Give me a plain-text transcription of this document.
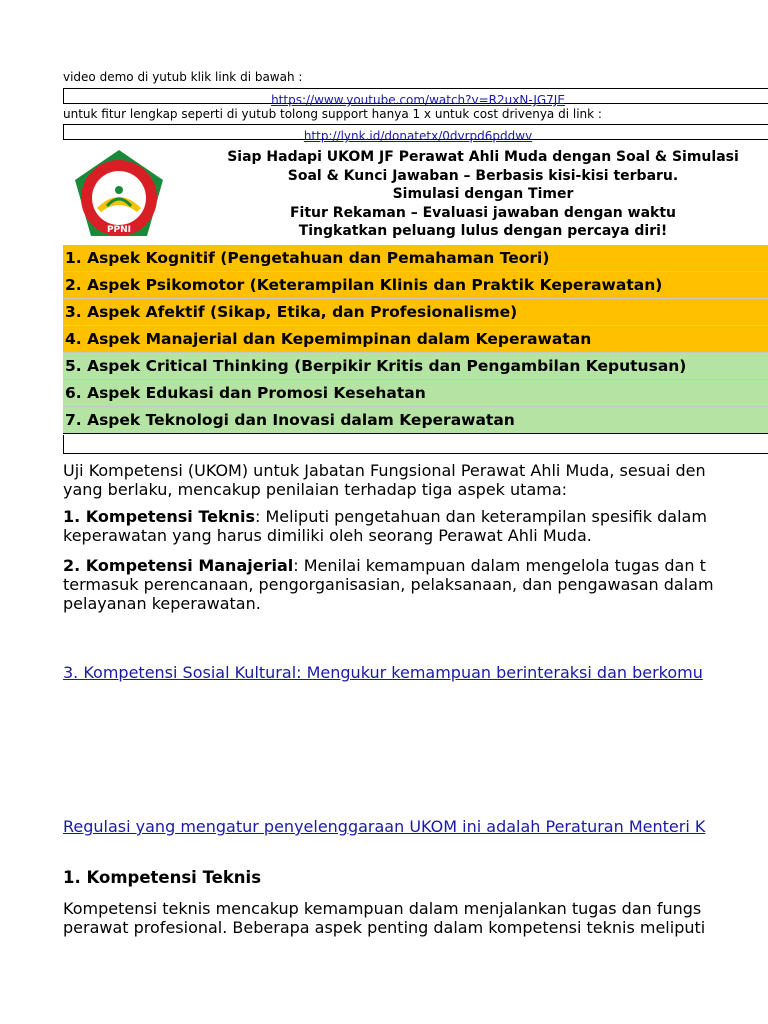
video demo di yutub klik link di bawah :
https://www.youtube.com/watch?v=R2uxN-JG7JE
untuk fitur lengkap seperti di yutub tolong support hanya 1 x untuk cost drivenya di link :
http://lynk.id/donatetx/0dvrpd6pddwv
PPNI
Siap Hadapi UKOM JF Perawat Ahli Muda dengan Soal & Simulasi
Soal & Kunci Jawaban – Berbasis kisi-kisi terbaru.
Simulasi dengan Timer
Fitur Rekaman – Evaluasi jawaban dengan waktu
Tingkatkan peluang lulus dengan percaya diri!
1. Aspek Kognitif (Pengetahuan dan Pemahaman Teori)
2. Aspek Psikomotor (Keterampilan Klinis dan Praktik Keperawatan)
3. Aspek Afektif (Sikap, Etika, dan Profesionalisme)
4. Aspek Manajerial dan Kepemimpinan dalam Keperawatan
5. Aspek Critical Thinking (Berpikir Kritis dan Pengambilan Keputusan)
6. Aspek Edukasi dan Promosi Kesehatan
7. Aspek Teknologi dan Inovasi dalam Keperawatan
Uji Kompetensi (UKOM) untuk Jabatan Fungsional Perawat Ahli Muda, sesuai den
yang berlaku, mencakup penilaian terhadap tiga aspek utama:
1. Kompetensi Teknis: Meliputi pengetahuan dan keterampilan spesifik dalam
keperawatan yang harus dimiliki oleh seorang Perawat Ahli Muda.
2. Kompetensi Manajerial: Menilai kemampuan dalam mengelola tugas dan t
termasuk perencanaan, pengorganisasian, pelaksanaan, dan pengawasan dalam
pelayanan keperawatan.
3. Kompetensi Sosial Kultural: Mengukur kemampuan berinteraksi dan berkomu
Regulasi yang mengatur penyelenggaraan UKOM ini adalah Peraturan Menteri K
1. Kompetensi Teknis
Kompetensi teknis mencakup kemampuan dalam menjalankan tugas dan fungs
perawat profesional. Beberapa aspek penting dalam kompetensi teknis meliputi
